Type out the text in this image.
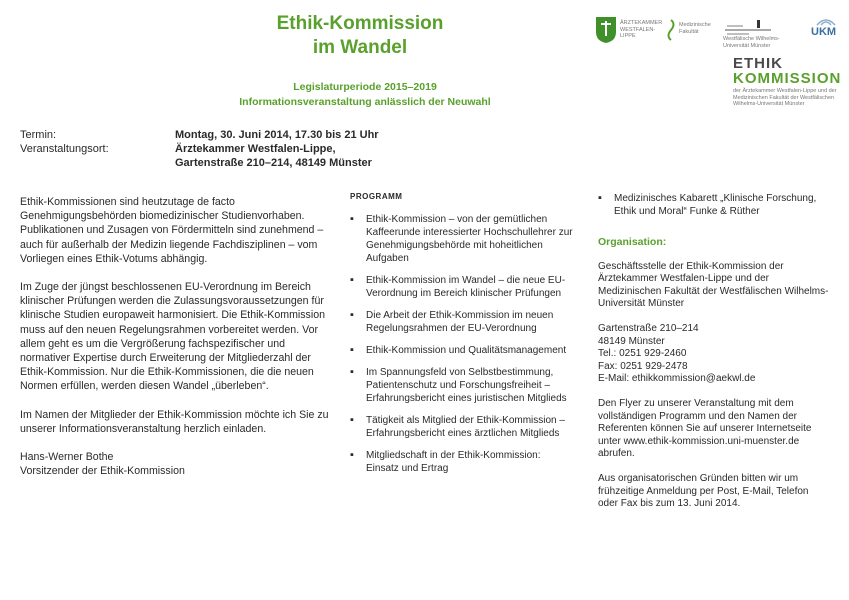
Ethik-Kommission
im Wandel
Legislaturperiode 2015–2019
Informationsveranstaltung anlässlich der Neuwahl
ÄRZTEKAMMER WESTFALEN-LIPPE
Medizinische Fakultät
Westfälische Wilhelms-Universität Münster
UKM
ETHIK
KOMMISSION
der Ärztekammer Westfalen-Lippe und der Medizinischen Fakultät der Westfälischen Wilhelms-Universität Münster
Termin:	Montag, 30. Juni 2014, 17.30 bis 21 Uhr
Veranstaltungsort:	Ärztekammer Westfalen-Lippe,
Gartenstraße 210–214, 48149 Münster

Ethik-Kommissionen sind heutzutage de facto Genehmigungsbehörden biomedizinischer Studienvorhaben. Publikationen und Zusagen von Fördermitteln sind zunehmend – auch für außerhalb der Medizin liegende Fachdisziplinen – vom Vorliegen eines Ethik-Votums abhängig.

Im Zuge der jüngst beschlossenen EU-Verordnung im Bereich klinischer Prüfungen werden die Zulassungsvoraussetzungen für klinische Studien europaweit harmonisiert. Die Ethik-Kommission muss auf den neuen Regelungsrahmen vorbereitet werden. Vor allem geht es um die Vergrößerung fachspezifischer und normativer Expertise durch Erweiterung der Mitgliederzahl der Ethik-Kommission. Nur die Ethik-Kommissionen, die die neuen Normen erfüllen, werden diesen Wandel „überleben“.

Im Namen der Mitglieder der Ethik-Kommission möchte ich Sie zu unserer Informationsveranstaltung herzlich einladen.

Hans-Werner Bothe
Vorsitzender der Ethik-Kommission
PROGRAMM
▪ Ethik-Kommission – von der gemütlichen Kaffeerunde interessierter Hochschullehrer zur Genehmigungsbehörde mit hoheitlichen Aufgaben
▪ Ethik-Kommission im Wandel – die neue EU-Verordnung im Bereich klinischer Prüfungen
▪ Die Arbeit der Ethik-Kommission im neuen Regelungsrahmen der EU-Verordnung
▪ Ethik-Kommission und Qualitätsmanagement
▪ Im Spannungsfeld von Selbstbestimmung, Patientenschutz und Forschungsfreiheit – Erfahrungsbericht eines juristischen Mitglieds
▪ Tätigkeit als Mitglied der Ethik-Kommission – Erfahrungsbericht eines ärztlichen Mitglieds
▪ Mitgliedschaft in der Ethik-Kommission: Einsatz und Ertrag
▪ Medizinisches Kabarett „Klinische Forschung, Ethik und Moral“ Funke & Rüther
Organisation:

Geschäftsstelle der Ethik-Kommission der Ärztekammer Westfalen-Lippe und der Medizinischen Fakultät der Westfälischen Wilhelms-Universität Münster

Gartenstraße 210–214
48149 Münster
Tel.: 0251 929-2460
Fax: 0251 929-2478
E-Mail: ethikkommission@aekwl.de

Den Flyer zu unserer Veranstaltung mit dem vollständigen Programm und den Namen der Referenten können Sie auf unserer Internetseite unter www.ethik-kommission.uni-muenster.de abrufen.

Aus organisatorischen Gründen bitten wir um frühzeitige Anmeldung per Post, E-Mail, Telefon oder Fax bis zum 13. Juni 2014.
